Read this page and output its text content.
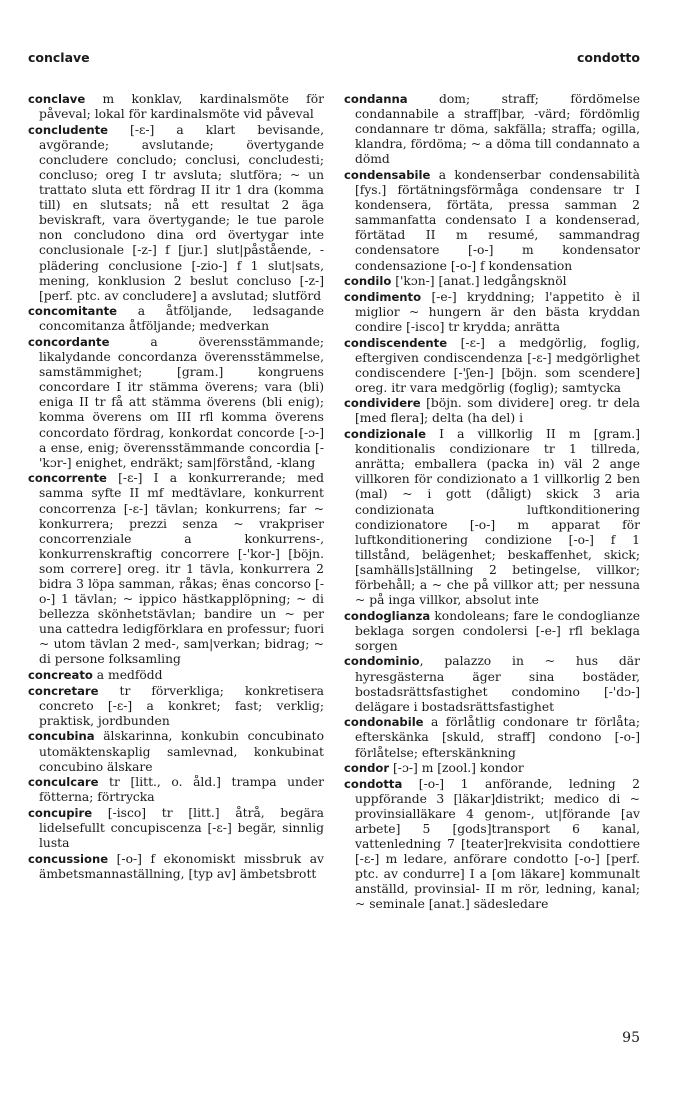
conclave	condotto
conclave m konklav, kardinalsmöte för påveval; lokal för kardinalsmöte vid påveval
concludente [-ɛ-] a klart bevisande, avgörande; avslutande; övertygande concludere concludo; conclusi, concludesti; concluso; oreg I tr avsluta; slutföra; ~ un trattato sluta ett fördrag II itr 1 dra (komma till) en slutsats; nå ett resultat 2 äga beviskraft, vara övertygande; le tue parole non concludono dina ord övertygar inte conclusionale [-z-] f [jur.] slut|påstående, -plädering conclusione [-zio-] f 1 slut|sats, mening, konklusion 2 beslut concluso [-z-] [perf. ptc. av concludere] a avslutad; slutförd
concomitante a åtföljande, ledsagande concomitanza åtföljande; medverkan
concordante a överensstämmande; likalydande concordanza överensstämmelse, samstämmighet; [gram.] kongruens concordare I itr stämma överens; vara (bli) eniga II tr få att stämma överens (bli enig); komma överens om III rfl komma överens concordato fördrag, konkordat concorde [-ɔ-] a ense, enig; överensstämmande concordia [-'kɔr-] enighet, endräkt; sam|förstånd, -klang
concorrente [-ɛ-] I a konkurrerande; med samma syfte II mf medtävlare, konkurrent concorrenza [-ɛ-] tävlan; konkurrens; far ~ konkurrera; prezzi senza ~ vrakpriser concorrenziale a konkurrens-, konkurrenskraftig concorrere [-'kor-] [böjn. som correre] oreg. itr 1 tävla, konkurrera 2 bidra 3 löpa samman, råkas; ënas concorso [-o-] 1 tävlan; ~ ippico hästkapplöpning; ~ di bellezza skönhetstävlan; bandire un ~ per una cattedra ledigförklara en professur; fuori ~ utom tävlan 2 med-, sam|verkan; bidrag; ~ di persone folksamling
concreato a medfödd
concretare tr förverkliga; konkretisera concreto [-ɛ-] a konkret; fast; verklig; praktisk, jordbunden
concubina älskarinna, konkubin concubinato utomäktenskaplig samlevnad, konkubinat concubino älskare
conculcare tr [litt., o. åld.] trampa under fötterna; förtrycka
concupire [-isco] tr [litt.] åtrå, begära lidelsefullt concupiscenza [-ɛ-] begär, sinnlig lusta
concussione [-o-] f ekonomiskt missbruk av ämbetsmannaställning, [typ av] ämbetsbrott
condanna dom; straff; fördömelse condannabile a straff|bar, -värd; fördömlig condannare tr döma, sakfälla; straffa; ogilla, klandra, fördöma; ~ a döma till condannato a dömd
condensabile a kondenserbar condensabilità [fys.] förtätningsförmåga condensare tr I kondensera, förtäta, pressa samman 2 sammanfatta condensato I a kondenserad, förtätad II m resumé, sammandrag condensatore [-o-] m kondensator condensazione [-o-] f kondensation
condilo ['kɔn-] [anat.] ledgångsknöl
condimento [-e-] kryddning; l'appetito è il miglior ~ hungern är den bästa kryddan condire [-isco] tr krydda; anrätta
condiscendente [-ɛ-] a medgörlig, foglig, eftergiven condiscendenza [-ɛ-] medgörlighet condiscendere [-'ʃen-] [böjn. som scendere] oreg. itr vara medgörlig (foglig); samtycka
condividere [böjn. som dividere] oreg. tr dela [med flera]; delta (ha del) i
condizionale I a villkorlig II m [gram.] konditionalis condizionare tr 1 tillreda, anrätta; emballera (packa in) väl 2 ange villkoren för condizionato a 1 villkorlig 2 ben (mal) ~ i gott (dåligt) skick 3 aria condizionata luftkonditionering condizionatore [-o-] m apparat för luftkonditionering condizione [-o-] f 1 tillstånd, belägenhet; beskaffenhet, skick; [samhälls]ställning 2 betingelse, villkor; förbehåll; a ~ che på villkor att; per nessuna ~ på inga villkor, absolut inte
condoglianza kondoleans; fare le condoglianze beklaga sorgen condolersi [-e-] rfl beklaga sorgen
condominio, palazzo in ~ hus där hyresgästerna äger sina bostäder, bostadsrättsfastighet condomino [-'dɔ-] delägare i bostadsrättsfastighet
condonabile a förlåtlig condonare tr förlåta; efterskänka [skuld, straff] condono [-o-] förlåtelse; efterskänkning
condor [-ɔ-] m [zool.] kondor
condotta [-o-] 1 anförande, ledning 2 uppförande 3 [läkar]distrikt; medico di ~ provinsialläkare 4 genom-, ut|förande [av arbete] 5 [gods]transport 6 kanal, vattenledning 7 [teater]rekvisita condottiere [-ɛ-] m ledare, anförare condotto [-o-] [perf. ptc. av condurre] I a [om läkare] kommunalt anställd, provinsial- II m rör, ledning, kanal; ~ seminale [anat.] sädesledare
95
